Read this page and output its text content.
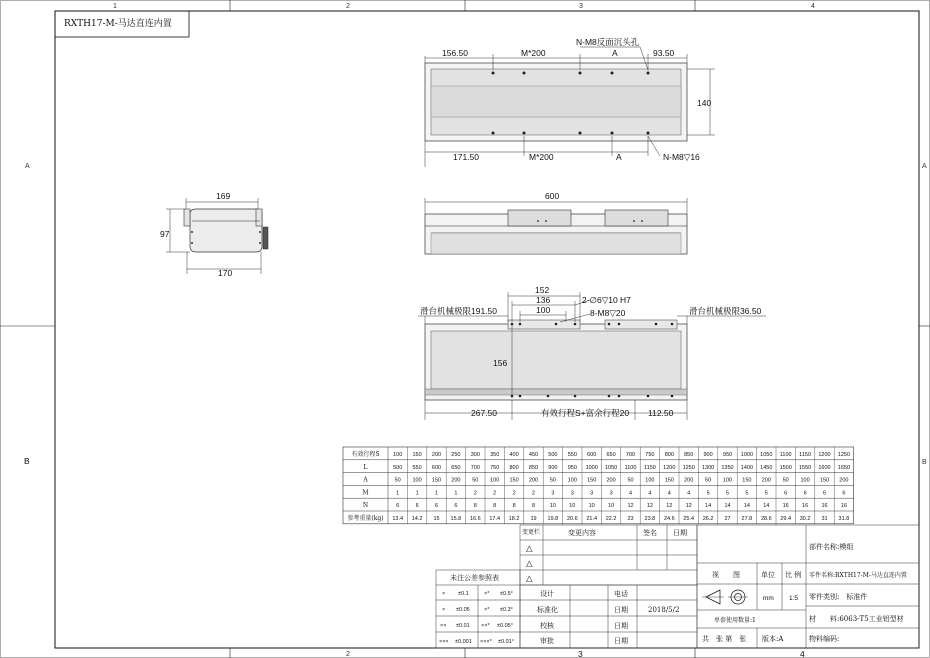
1	2	3	4
2	3	4
A
B
A
B
RXTH17-M-马达直连内置
156.50	M*200	A	93.50
N-M8反面沉头孔
171.50	M*200	A	N-M8▽16
140
169
97
170
600
152
136
100
2-∅6▽10 H7
8-M8▽20
滑台机械极限191.50	滑台机械极限36.50
156
267.50	有效行程S+富余行程20 112.50
有效行程S 100 150 200 250 300 350 400 450 500 550 600 650 700 750 800 850 900 950 1000 1050 1100 1150 1200 1250
L	500 550 600 650 700 750 800 850 900 950 1000 1050 1100 1150 1200 1250 1300 1350 1400 1450 1500 1550 1600 1650
A	50 100 150 200 50 100 150 200 50 100 150 200 50 100 150 200 50 100 150 200 50 100 150 200
M	1	1	1	1	2	2	2	2	3	3	3	3	4	4	4	4	5	5	5	5	6	6	6	6
N	6	6	6	6	8	8	8	8	10 10 10 10 12 12 12 12 14 14 14 14 16 16 16 16
参考重量(kg) 13.4 14.2 15 15.8 16.6 17.4 18.2 19 19.8 20.6 21.4 22.2 23 23.8 24.6 25.4 26.2 27 27.8 28.6 29.4 30.2 31 31.8
变更栏	变更内容	签名 日期
△
△
△
未注公差参照表
× ±0.1	×* ±0.5°
× ±0.05	×* ±0.3°
×× ±0.01 ××* ±0.05°
××× ±0.001 ×××* ±0.01°
设计	电话
标准化	日期	2018/5/2
校核	日期
审批	日期
部件名称:模组
视　　图	单位 比 例 零件名称:RXTH17-M-马达直连内置
mm 1:5 零件类别:　标准件
单套使用数量:1	材　　料:6063-T5工业铝型材
共　张 第　张 版本:A	物料编码:
